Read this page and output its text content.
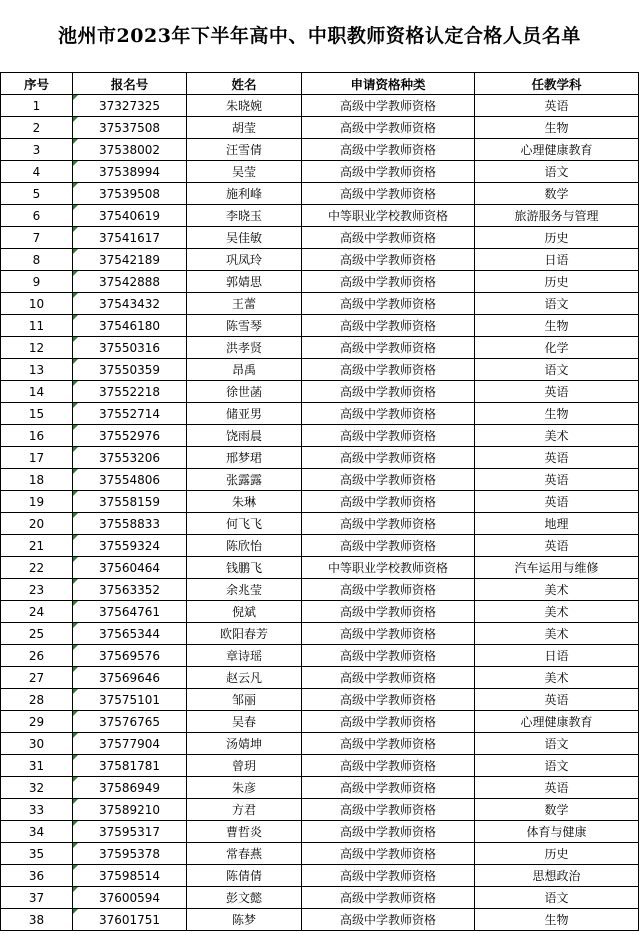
池州市2023年下半年高中、中职教师资格认定合格人员名单
序号	报名号	姓名	申请资格种类	任教学科
1	37327325	朱晓婉	高级中学教师资格	英语
2	37537508	胡莹	高级中学教师资格	生物
3	37538002	汪雪倩	高级中学教师资格	心理健康教育
4	37538994	吴莹	高级中学教师资格	语文
5	37539508	施利峰	高级中学教师资格	数学
6	37540619	李晓玉	中等职业学校教师资格	旅游服务与管理
7	37541617	吴佳敏	高级中学教师资格	历史
8	37542189	巩凤玲	高级中学教师资格	日语
9	37542888	郭婧思	高级中学教师资格	历史
10	37543432	王蕾	高级中学教师资格	语文
11	37546180	陈雪琴	高级中学教师资格	生物
12	37550316	洪孝贤	高级中学教师资格	化学
13	37550359	昂禹	高级中学教师资格	语文
14	37552218	徐世菡	高级中学教师资格	英语
15	37552714	储亚男	高级中学教师资格	生物
16	37552976	饶雨晨	高级中学教师资格	美术
17	37553206	邢梦珺	高级中学教师资格	英语
18	37554806	张露露	高级中学教师资格	英语
19	37558159	朱琳	高级中学教师资格	英语
20	37558833	何飞飞	高级中学教师资格	地理
21	37559324	陈欣怡	高级中学教师资格	英语
22	37560464	钱鹏飞	中等职业学校教师资格	汽车运用与维修
23	37563352	余兆莹	高级中学教师资格	美术
24	37564761	倪斌	高级中学教师资格	美术
25	37565344	欧阳春芳	高级中学教师资格	美术
26	37569576	章诗瑶	高级中学教师资格	日语
27	37569646	赵云凡	高级中学教师资格	美术
28	37575101	邹丽	高级中学教师资格	英语
29	37576765	吴春	高级中学教师资格	心理健康教育
30	37577904	汤婧坤	高级中学教师资格	语文
31	37581781	曾玥	高级中学教师资格	语文
32	37586949	朱彦	高级中学教师资格	英语
33	37589210	方君	高级中学教师资格	数学
34	37595317	曹哲炎	高级中学教师资格	体育与健康
35	37595378	常春燕	高级中学教师资格	历史
36	37598514	陈倩倩	高级中学教师资格	思想政治
37	37600594	彭文懿	高级中学教师资格	语文
38	37601751	陈梦	高级中学教师资格	生物
